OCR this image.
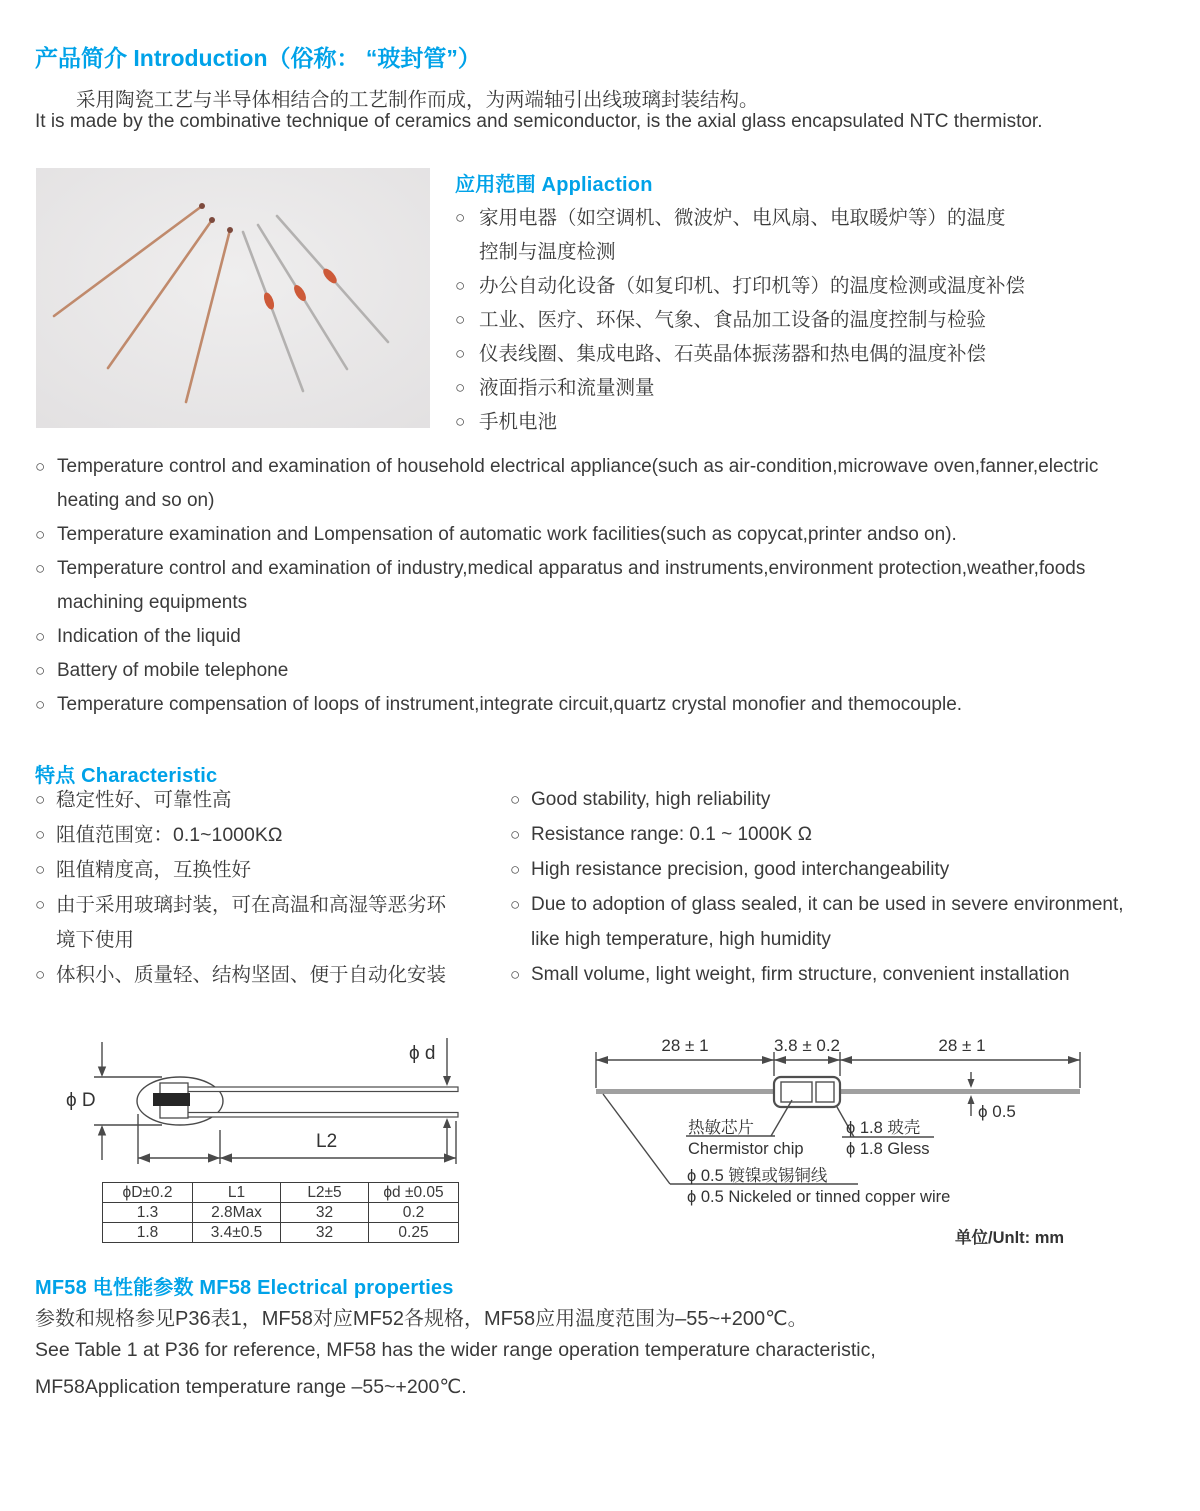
产品简介 Introduction（俗称： “玻封管”）
采用陶瓷工艺与半导体相结合的工艺制作而成，为两端轴引出线玻璃封装结构。
It is made by the combinative technique of ceramics and semiconductor, is the axial glass encapsulated NTC thermistor.
应用范围 Appliaction
○ 家用电器（如空调机、微波炉、电风扇、电取暖炉等）的温度
控制与温度检测
○ 办公自动化设备（如复印机、打印机等）的温度检测或温度补偿
○ 工业、医疗、环保、气象、食品加工设备的温度控制与检验
○ 仪表线圈、集成电路、石英晶体振荡器和热电偶的温度补偿
○ 液面指示和流量测量
○ 手机电池
○ Temperature control and examination of household electrical appliance(such as air-condition,microwave oven,fanner,electric
heating and so on)
○ Temperature examination and Lompensation of automatic work facilities(such as copycat,printer andso on).
○ Temperature control and examination of industry,medical apparatus and instruments,environment protection,weather,foods
machining equipments
○ Indication of the liquid
○ Battery of mobile telephone
○ Temperature compensation of loops of instrument,integrate circuit,quartz crystal monofier and themocouple.
特点 Characteristic
○ 稳定性好、可靠性高
○ 阻值范围宽：0.1~1000KΩ
○ 阻值精度高，互换性好
○ 由于采用玻璃封装，可在高温和高湿等恶劣环
境下使用
○ 体积小、质量轻、结构坚固、便于自动化安装
○ Good stability, high reliability
○ Resistance range: 0.1 ~ 1000K Ω
○ High resistance precision, good interchangeability
○ Due to adoption of glass sealed, it can be used in severe environment,
like high temperature, high humidity
○ Small volume, light weight, firm structure, convenient installation
ϕ D
ϕ d
L2
ϕD±0.2	L1	L2±5	ϕd ±0.05
1.3	2.8Max	32	0.2
1.8	3.4±0.5	32	0.25
28 ± 1	3.8 ± 0.2	28 ± 1
ϕ 0.5
热敏芯片
Chermistor chip
ϕ 1.8 玻壳
ϕ 1.8 Gless
ϕ 0.5 镀镍或锡铜线
ϕ 0.5 Nickeled or tinned copper wire
单位/Unlt: mm
MF58 电性能参数 MF58 Electrical properties
参数和规格参见P36表1，MF58对应MF52各规格，MF58应用温度范围为–55~+200℃。
See Table 1 at P36 for reference, MF58 has the wider range operation temperature characteristic,
MF58Application temperature range –55~+200℃.
